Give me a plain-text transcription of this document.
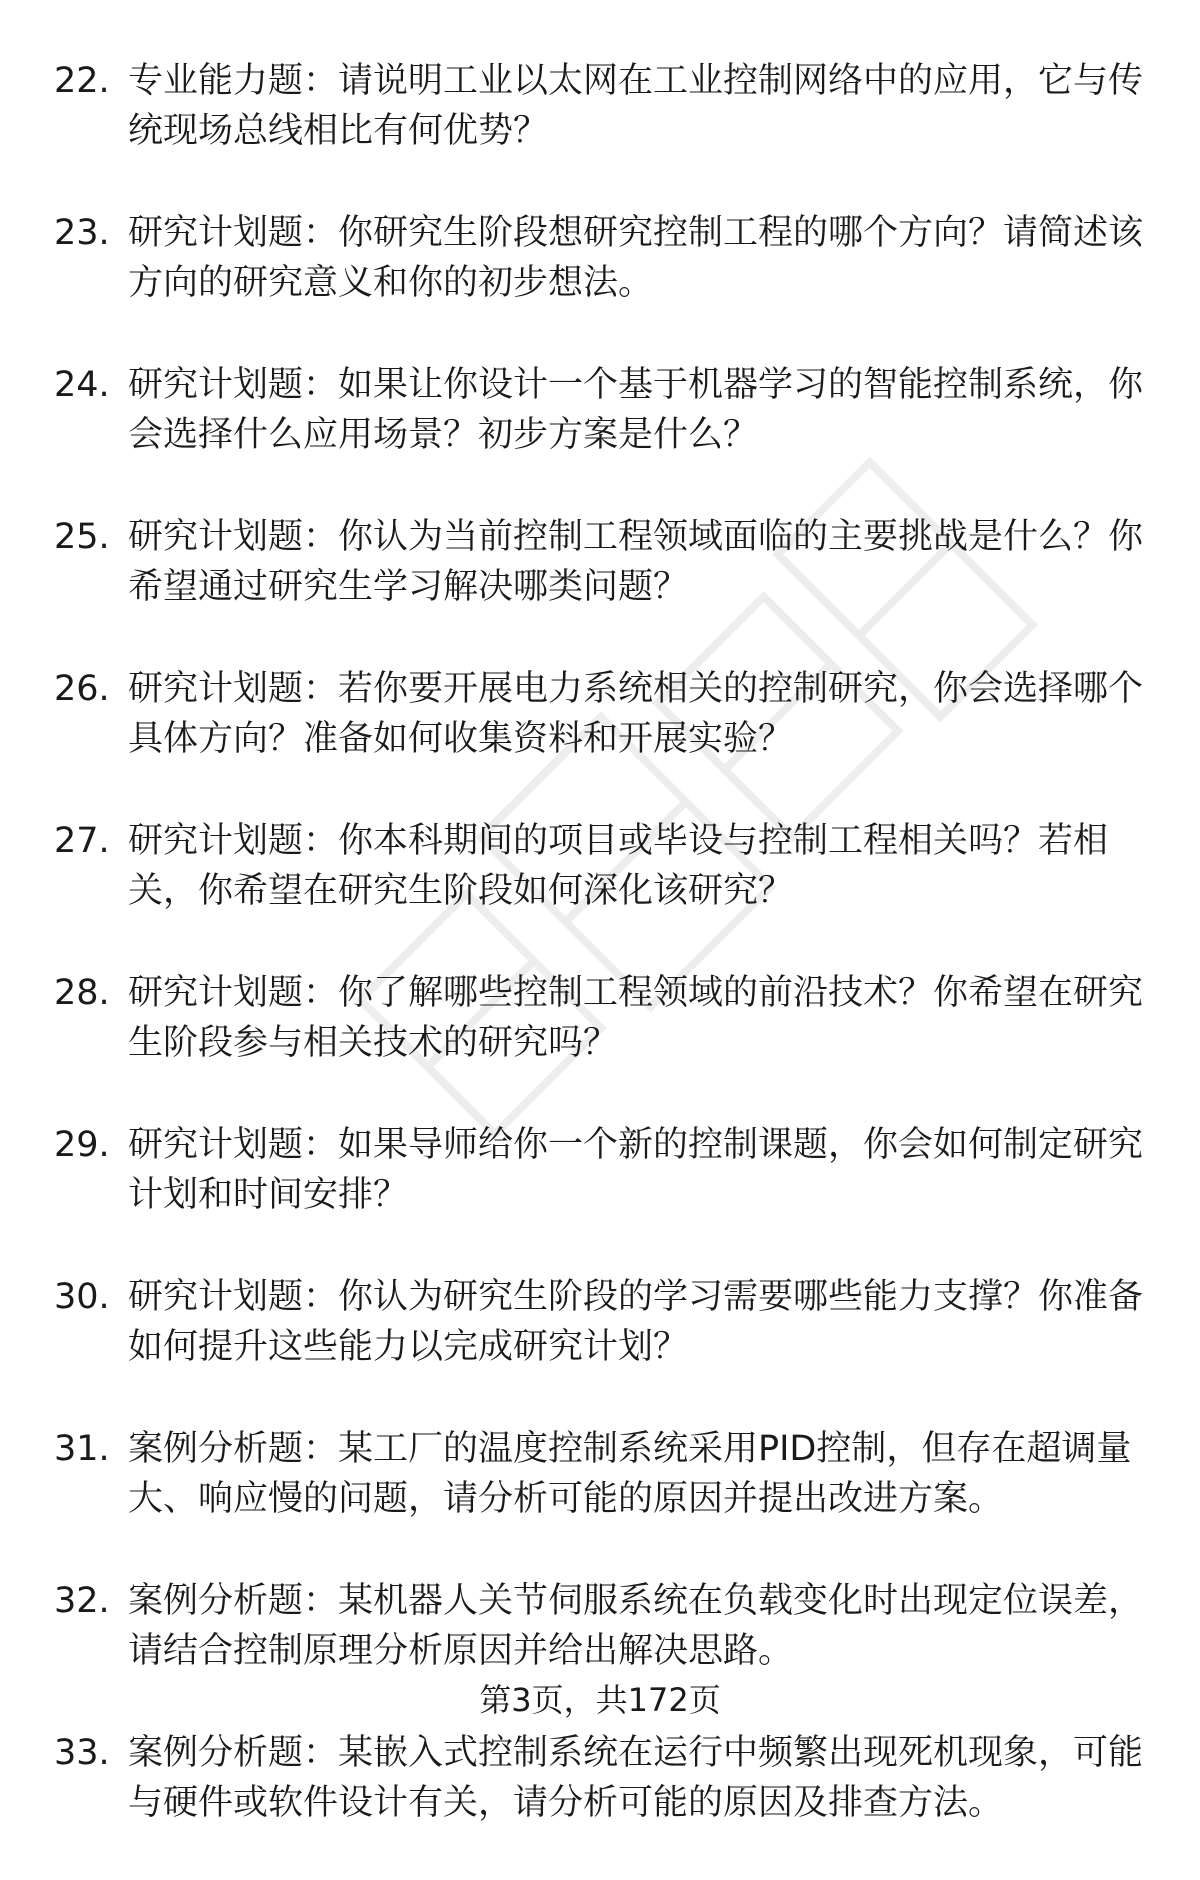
22. 专业能力题：请说明工业以太网在工业控制网络中的应用，它与传统现场总线相比有何优势？
23. 研究计划题：你研究生阶段想研究控制工程的哪个方向？请简述该方向的研究意义和你的初步想法。
24. 研究计划题：如果让你设计一个基于机器学习的智能控制系统，你会选择什么应用场景？初步方案是什么？
25. 研究计划题：你认为当前控制工程领域面临的主要挑战是什么？你希望通过研究生学习解决哪类问题？
26. 研究计划题：若你要开展电力系统相关的控制研究，你会选择哪个具体方向？准备如何收集资料和开展实验？
27. 研究计划题：你本科期间的项目或毕设与控制工程相关吗？若相关，你希望在研究生阶段如何深化该研究？
28. 研究计划题：你了解哪些控制工程领域的前沿技术？你希望在研究生阶段参与相关技术的研究吗？
29. 研究计划题：如果导师给你一个新的控制课题，你会如何制定研究计划和时间安排？
30. 研究计划题：你认为研究生阶段的学习需要哪些能力支撑？你准备如何提升这些能力以完成研究计划？
31. 案例分析题：某工厂的温度控制系统采用PID控制，但存在超调量大、响应慢的问题，请分析可能的原因并提出改进方案。
32. 案例分析题：某机器人关节伺服系统在负载变化时出现定位误差，请结合控制原理分析原因并给出解决思路。
33. 案例分析题：某嵌入式控制系统在运行中频繁出现死机现象，可能与硬件或软件设计有关，请分析可能的原因及排查方法。
第3页，共172页
